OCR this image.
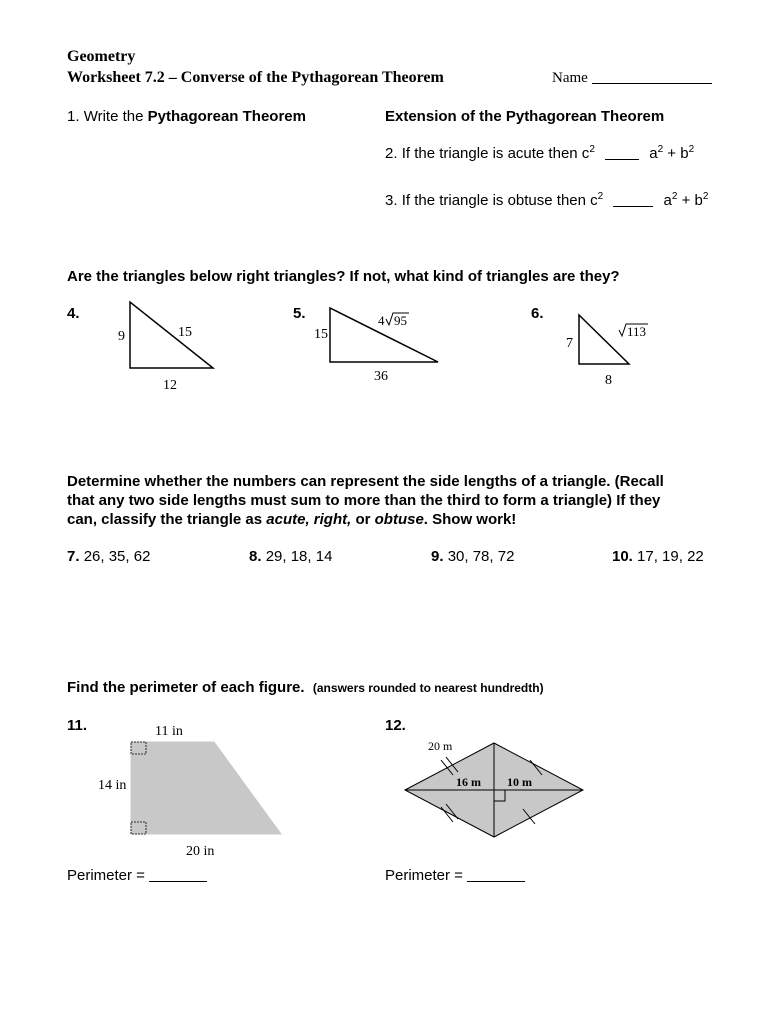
Geometry
Worksheet 7.2 – Converse of the Pythagorean Theorem	Name
1. Write the Pythagorean Theorem	Extension of the Pythagorean Theorem
2. If the triangle is acute then $c^2$	$a^2 + b^2$
3. If the triangle is obtuse then $c^2$	$a^2 + b^2$
Are the triangles below right triangles? If not, what kind of triangles are they?
4.	5.	6.
9	15
12
15
4 95
36
7
113
8
Determine whether the numbers can represent the side lengths of a triangle. (Recall
that any two side lengths must sum to more than the third to form a triangle) If they
can, classify the triangle as acute, right, or obtuse. Show work!
7. 26, 35, 62	8. 29, 18, 14	9. 30, 78, 72	10. 17, 19, 22
Find the perimeter of each figure. (answers rounded to nearest hundredth)
11.	12.
11 in
14 in
20 in
20 m
16 m 10 m
Perimeter =	Perimeter =
